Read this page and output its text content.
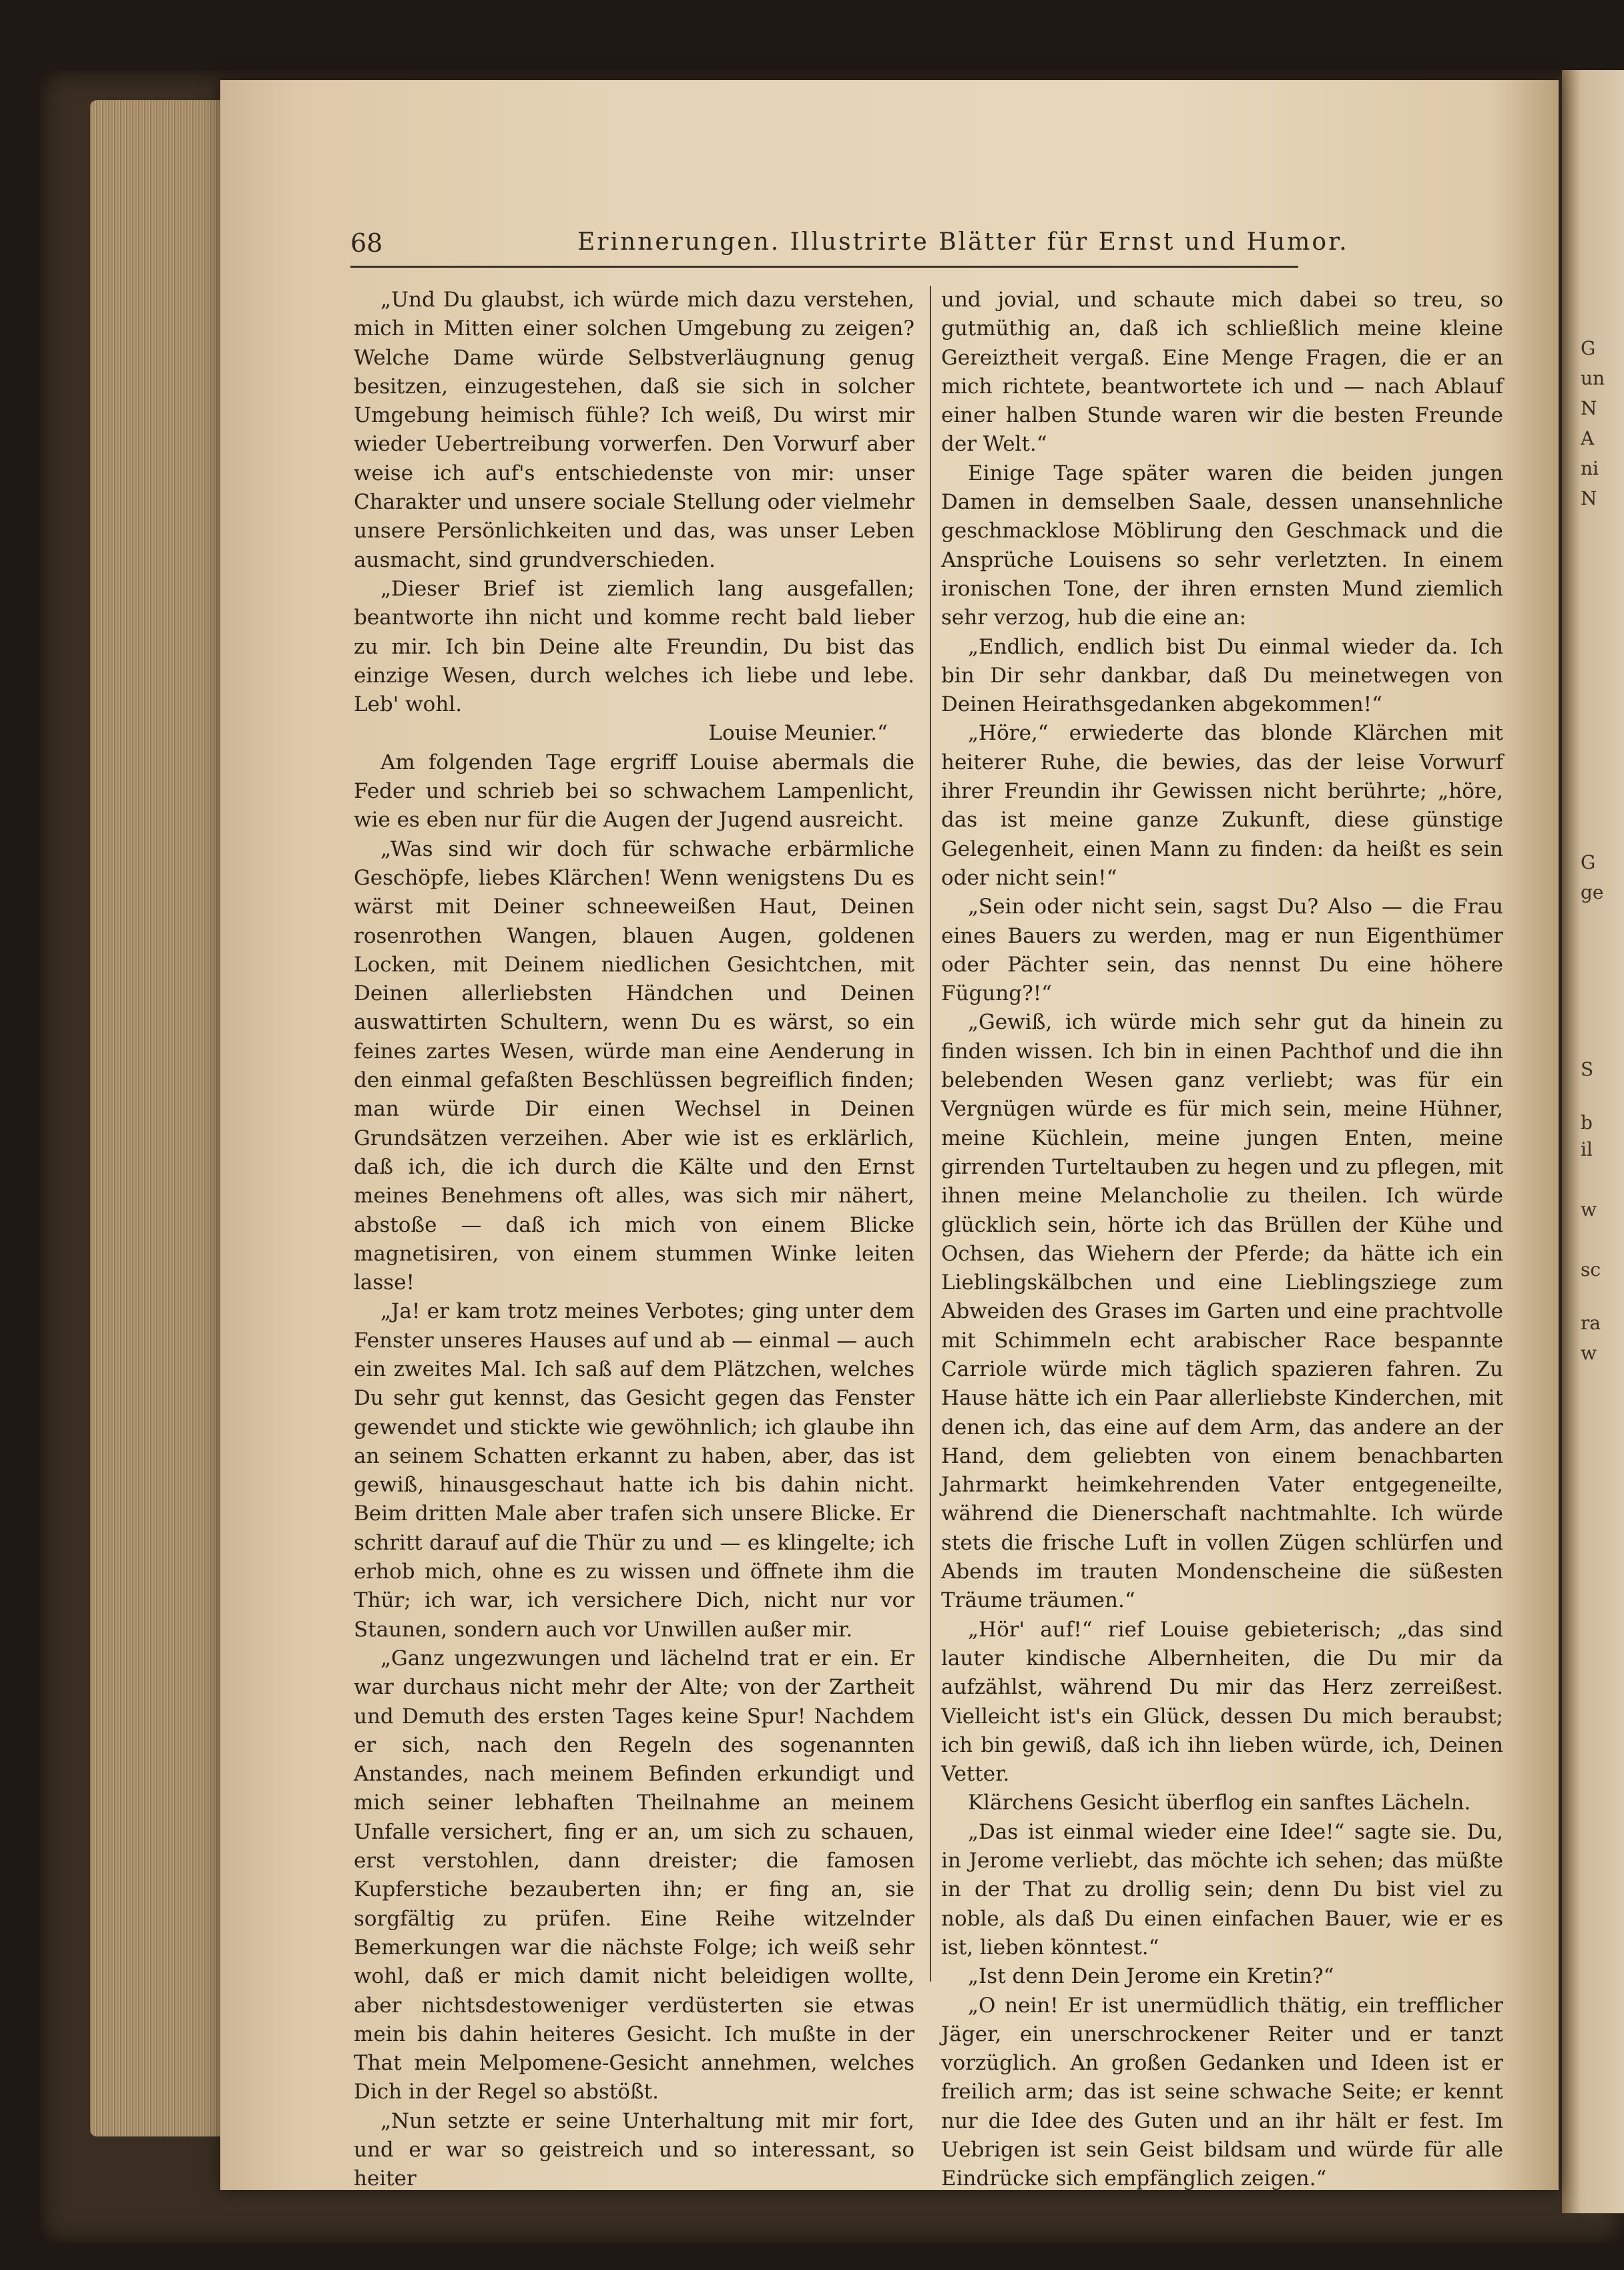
G
un
N
A
ni
N
G
ge
S
b
il
w
sc
ra
w
68	Erinnerungen. Illustrirte Blätter für Ernst und Humor.

„Und Du glaubst, ich würde mich dazu verstehen, mich in Mitten einer solchen Umgebung zu zeigen? Welche Dame würde Selbstverläugnung genug besitzen, einzugestehen, daß sie sich in solcher Umgebung heimisch fühle? Ich weiß, Du wirst mir wieder Uebertreibung vorwerfen. Den Vorwurf aber weise ich auf's entschiedenste von mir: unser Charakter und unsere sociale Stellung oder vielmehr unsere Persönlichkeiten und das, was unser Leben ausmacht, sind grundverschieden.

„Dieser Brief ist ziemlich lang ausgefallen; beantworte ihn nicht und komme recht bald lieber zu mir. Ich bin Deine alte Freundin, Du bist das einzige Wesen, durch welches ich liebe und lebe. Leb' wohl.

Louise Meunier.“

Am folgenden Tage ergriff Louise abermals die Feder und schrieb bei so schwachem Lampenlicht, wie es eben nur für die Augen der Jugend ausreicht.

„Was sind wir doch für schwache erbärmliche Geschöpfe, liebes Klärchen! Wenn wenigstens Du es wärst mit Deiner schneeweißen Haut, Deinen rosenrothen Wangen, blauen Augen, goldenen Locken, mit Deinem niedlichen Gesichtchen, mit Deinen allerliebsten Händchen und Deinen auswattirten Schultern, wenn Du es wärst, so ein feines zartes Wesen, würde man eine Aenderung in den einmal gefaßten Beschlüssen begreiflich finden; man würde Dir einen Wechsel in Deinen Grundsätzen verzeihen. Aber wie ist es erklärlich, daß ich, die ich durch die Kälte und den Ernst meines Benehmens oft alles, was sich mir nähert, abstoße — daß ich mich von einem Blicke magnetisiren, von einem stummen Winke leiten lasse!

„Ja! er kam trotz meines Verbotes; ging unter dem Fenster unseres Hauses auf und ab — einmal — auch ein zweites Mal. Ich saß auf dem Plätzchen, welches Du sehr gut kennst, das Gesicht gegen das Fenster gewendet und stickte wie gewöhnlich; ich glaube ihn an seinem Schatten erkannt zu haben, aber, das ist gewiß, hinausgeschaut hatte ich bis dahin nicht. Beim dritten Male aber trafen sich unsere Blicke. Er schritt darauf auf die Thür zu und — es klingelte; ich erhob mich, ohne es zu wissen und öffnete ihm die Thür; ich war, ich versichere Dich, nicht nur vor Staunen, sondern auch vor Unwillen außer mir.

„Ganz ungezwungen und lächelnd trat er ein. Er war durchaus nicht mehr der Alte; von der Zartheit und Demuth des ersten Tages keine Spur! Nachdem er sich, nach den Regeln des sogenannten Anstandes, nach meinem Befinden erkundigt und mich seiner lebhaften Theilnahme an meinem Unfalle versichert, fing er an, um sich zu schauen, erst verstohlen, dann dreister; die famosen Kupferstiche bezauberten ihn; er fing an, sie sorgfältig zu prüfen. Eine Reihe witzelnder Bemerkungen war die nächste Folge; ich weiß sehr wohl, daß er mich damit nicht beleidigen wollte, aber nichtsdestoweniger verdüsterten sie etwas mein bis dahin heiteres Gesicht. Ich mußte in der That mein Melpomene-Gesicht annehmen, welches Dich in der Regel so abstößt.

„Nun setzte er seine Unterhaltung mit mir fort, und er war so geistreich und so interessant, so heiter

und jovial, und schaute mich dabei so treu, so gutmüthig an, daß ich schließlich meine kleine Gereiztheit vergaß. Eine Menge Fragen, die er an mich richtete, beantwortete ich und — nach Ablauf einer halben Stunde waren wir die besten Freunde der Welt.“

Einige Tage später waren die beiden jungen Damen in demselben Saale, dessen unansehnliche geschmacklose Möblirung den Geschmack und die Ansprüche Louisens so sehr verletzten. In einem ironischen Tone, der ihren ernsten Mund ziemlich sehr verzog, hub die eine an:

„Endlich, endlich bist Du einmal wieder da. Ich bin Dir sehr dankbar, daß Du meinetwegen von Deinen Heirathsgedanken abgekommen!“

„Höre,“ erwiederte das blonde Klärchen mit heiterer Ruhe, die bewies, das der leise Vorwurf ihrer Freundin ihr Gewissen nicht berührte; „höre, das ist meine ganze Zukunft, diese günstige Gelegenheit, einen Mann zu finden: da heißt es sein oder nicht sein!“

„Sein oder nicht sein, sagst Du? Also — die Frau eines Bauers zu werden, mag er nun Eigenthümer oder Pächter sein, das nennst Du eine höhere Fügung?!“

„Gewiß, ich würde mich sehr gut da hinein zu finden wissen. Ich bin in einen Pachthof und die ihn belebenden Wesen ganz verliebt; was für ein Vergnügen würde es für mich sein, meine Hühner, meine Küchlein, meine jungen Enten, meine girrenden Turteltauben zu hegen und zu pflegen, mit ihnen meine Melancholie zu theilen. Ich würde glücklich sein, hörte ich das Brüllen der Kühe und Ochsen, das Wiehern der Pferde; da hätte ich ein Lieblingskälbchen und eine Lieblingsziege zum Abweiden des Grases im Garten und eine prachtvolle mit Schimmeln echt arabischer Race bespannte Carriole würde mich täglich spazieren fahren. Zu Hause hätte ich ein Paar allerliebste Kinderchen, mit denen ich, das eine auf dem Arm, das andere an der Hand, dem geliebten von einem benachbarten Jahrmarkt heimkehrenden Vater entgegeneilte, während die Dienerschaft nachtmahlte. Ich würde stets die frische Luft in vollen Zügen schlürfen und Abends im trauten Mondenscheine die süßesten Träume träumen.“

„Hör' auf!“ rief Louise gebieterisch; „das sind lauter kindische Albernheiten, die Du mir da aufzählst, während Du mir das Herz zerreißest. Vielleicht ist's ein Glück, dessen Du mich beraubst; ich bin gewiß, daß ich ihn lieben würde, ich, Deinen Vetter.

Klärchens Gesicht überflog ein sanftes Lächeln.

„Das ist einmal wieder eine Idee!“ sagte sie. Du, in Jerome verliebt, das möchte ich sehen; das müßte in der That zu drollig sein; denn Du bist viel zu noble, als daß Du einen einfachen Bauer, wie er es ist, lieben könntest.“

„Ist denn Dein Jerome ein Kretin?“

„O nein! Er ist unermüdlich thätig, ein trefflicher Jäger, ein unerschrockener Reiter und er tanzt vorzüglich. An großen Gedanken und Ideen ist er freilich arm; das ist seine schwache Seite; er kennt nur die Idee des Guten und an ihr hält er fest. Im Uebrigen ist sein Geist bildsam und würde für alle Eindrücke sich empfänglich zeigen.“
